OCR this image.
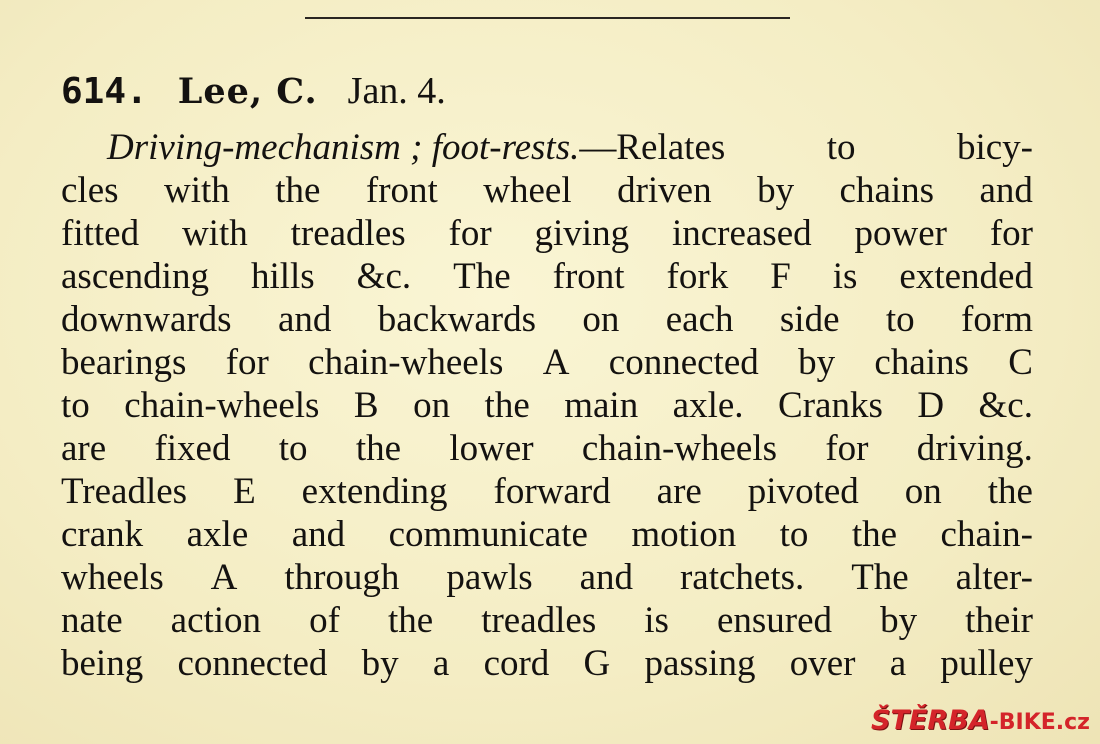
614. Lee, C. Jan. 4.
Driving-mechanism ; foot-rests.—Relates	to	bicy-
cles with the front wheel driven by chains and
fitted with treadles for giving increased power for
ascending hills &c. The front fork F is extended
downwards and backwards on each side to form
bearings for chain-wheels A connected by chains C
to chain-wheels B on the main axle. Cranks D &c.
are fixed to the lower chain-wheels for driving.
Treadles E extending forward are pivoted on the
crank axle and communicate motion to the chain-
wheels A through pawls and ratchets. The alter-
nate action of the treadles is ensured by their
being connected by a cord G passing over a pulley
ŠTĚRBA-BIKE.cz
